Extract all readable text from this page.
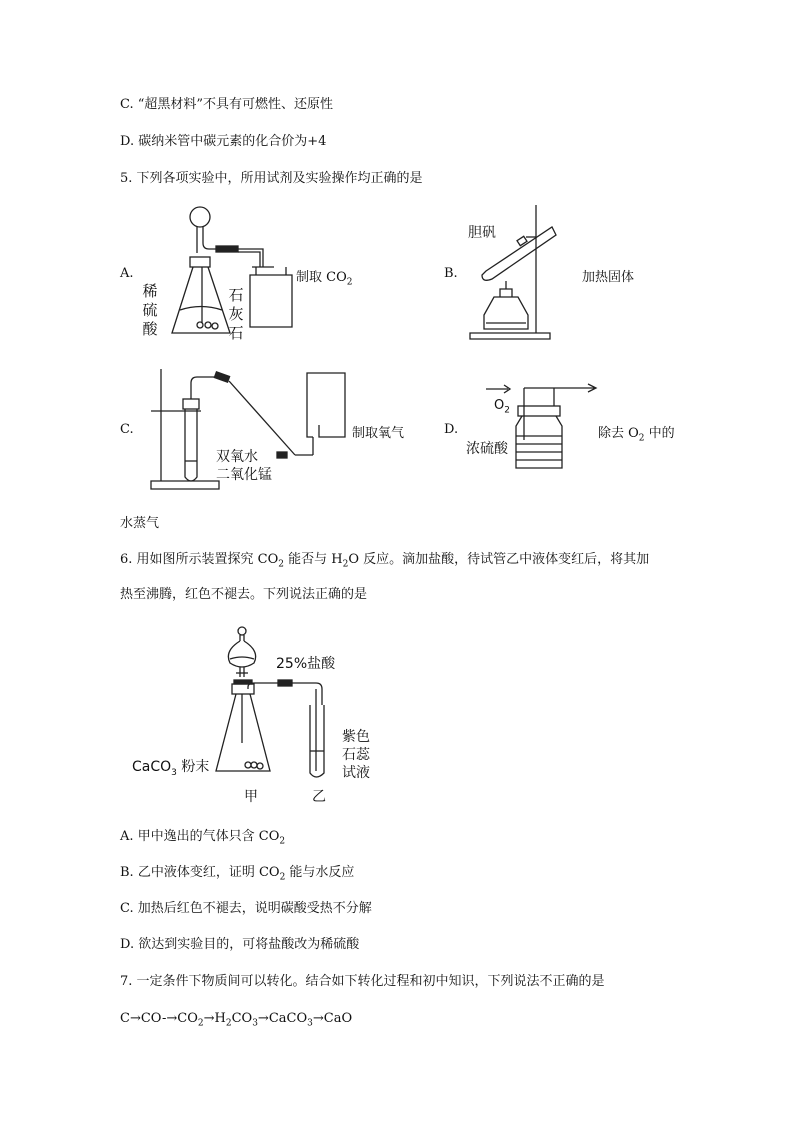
C. “超黑材料”不具有可燃性、还原性
D. 碳纳米管中碳元素的化合价为+4
5. 下列各项实验中，所用试剂及实验操作均正确的是
A.
稀
硫
酸
石
灰
石
制取 $CO_2$
B.
胆矾
加热固体
C.
双氧水
二氧化锰
制取氧气	D.
$O_2$
浓硫酸
除去 $O_2$ 中的
水蒸气
6. 用如图所示装置探究 $CO_2$ 能否与 $H_2O$ 反应。滴加盐酸，待试管乙中液体变红后，将其加
热至沸腾，红色不褪去。下列说法正确的是
25%盐酸
CaCO$_3$ 粉末
紫色
石蕊
试液
甲	乙
A. 甲中逸出的气体只含 $CO_2$
B. 乙中液体变红，证明 $CO_2$ 能与水反应
C. 加热后红色不褪去，说明碳酸受热不分解
D. 欲达到实验目的，可将盐酸改为稀硫酸
7. 一定条件下物质间可以转化。结合如下转化过程和初中知识，下列说法不正确的是
$C\to CO-\to CO_2\to H_2CO_3\to CaCO_3\to CaO$
